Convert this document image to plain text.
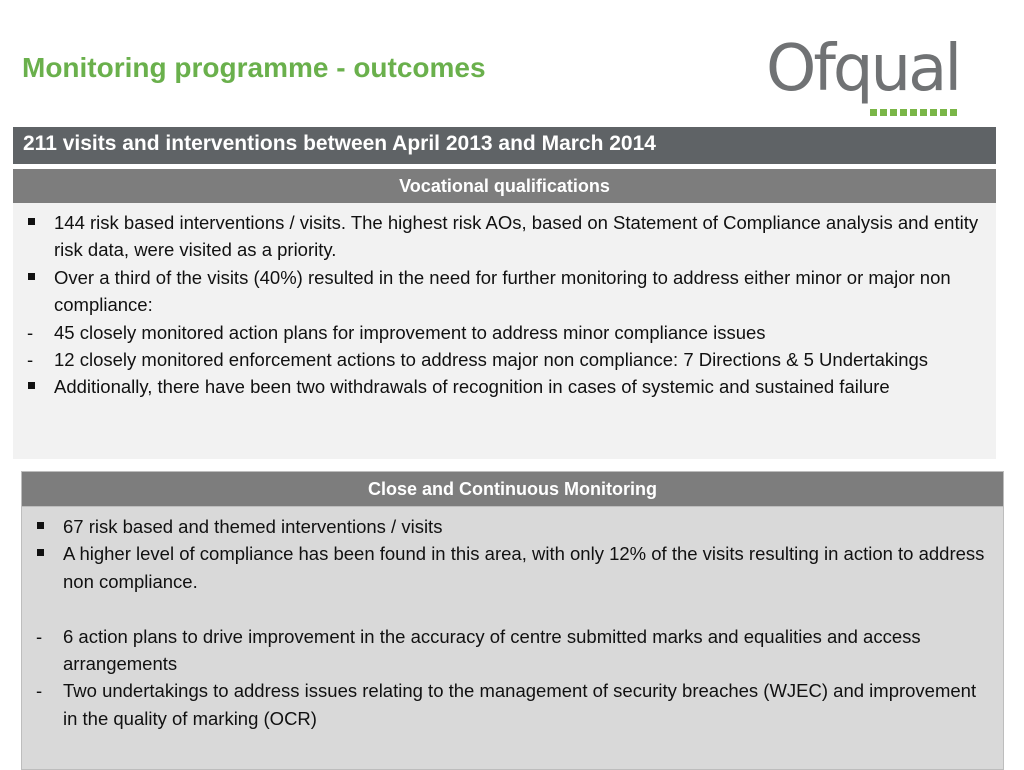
Monitoring programme - outcomes	Ofqual
211 visits and interventions between April 2013 and March 2014
Vocational qualifications
144 risk based interventions / visits. The highest risk AOs, based on Statement of Compliance analysis and entity risk data, were visited as a priority.
Over a third of the visits (40%) resulted in the need for further monitoring to address either minor or major non compliance:
45 closely monitored action plans for improvement to address minor compliance issues
12 closely monitored enforcement actions to address major non compliance: 7 Directions & 5 Undertakings
Additionally, there have been two withdrawals of recognition in cases of systemic and sustained failure
Close and Continuous Monitoring
67 risk based and themed interventions / visits
A higher level of compliance has been found in this area, with only 12% of the visits resulting in action to address non compliance.
6 action plans to drive improvement in the accuracy of centre submitted marks and equalities and access arrangements
Two undertakings to address issues relating to the management of security breaches (WJEC) and improvement in the quality of marking (OCR)
